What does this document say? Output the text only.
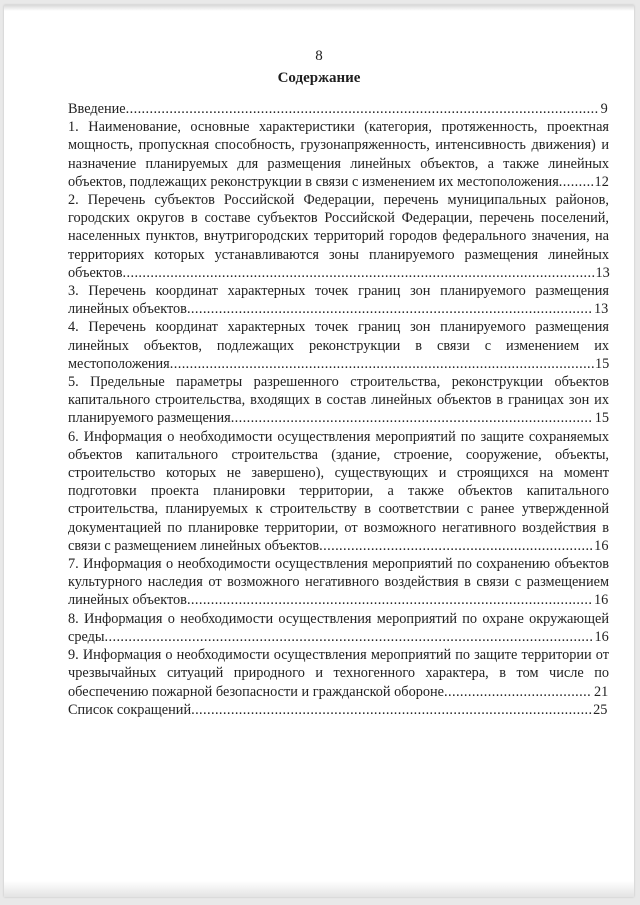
8
Содержание
Введение....................................................................................................................... 9
1. Наименование, основные характеристики (категория, протяженность, проектная мощность, пропускная способность, грузонапряженность, интенсивность движения) и назначение планируемых для размещения линейных объектов, а также линейных объектов, подлежащих реконструкции в связи с изменением их местоположения.........12
2. Перечень субъектов Российской Федерации, перечень муниципальных районов, городских округов в составе субъектов Российской Федерации, перечень поселений, населенных пунктов, внутригородских территорий городов федерального значения, на территориях которых устанавливаются зоны планируемого размещения линейных объектов.......................................................................................................................13
3. Перечень координат характерных точек границ зон планируемого размещения линейных объектов...................................................................................................... 13
4. Перечень координат характерных точек границ зон планируемого размещения линейных объектов, подлежащих реконструкции в связи с изменением их местоположения...........................................................................................................15
5. Предельные параметры разрешенного строительства, реконструкции объектов капитального строительства, входящих в состав линейных объектов в границах зон их планируемого размещения........................................................................................... 15
6. Информация о необходимости осуществления мероприятий по защите сохраняемых объектов капитального строительства (здание, строение, сооружение, объекты, строительство которых не завершено), существующих и строящихся на момент подготовки проекта планировки территории, а также объектов капитального строительства, планируемых к строительству в соответствии с ранее утвержденной документацией по планировке территории, от возможного негативного воздействия в связи с размещением линейных объектов.....................................................................16
7. Информация о необходимости осуществления мероприятий по сохранению объектов культурного наследия от возможного негативного воздействия в связи с размещением линейных объектов...................................................................................................... 16
8. Информация о необходимости осуществления мероприятий по охране окружающей среды...........................................................................................................................16
9. Информация о необходимости осуществления мероприятий по защите территории от чрезвычайных ситуаций природного и техногенного характера, в том числе по обеспечению пожарной безопасности и гражданской обороне..................................... 21
Список сокращений.....................................................................................................25
